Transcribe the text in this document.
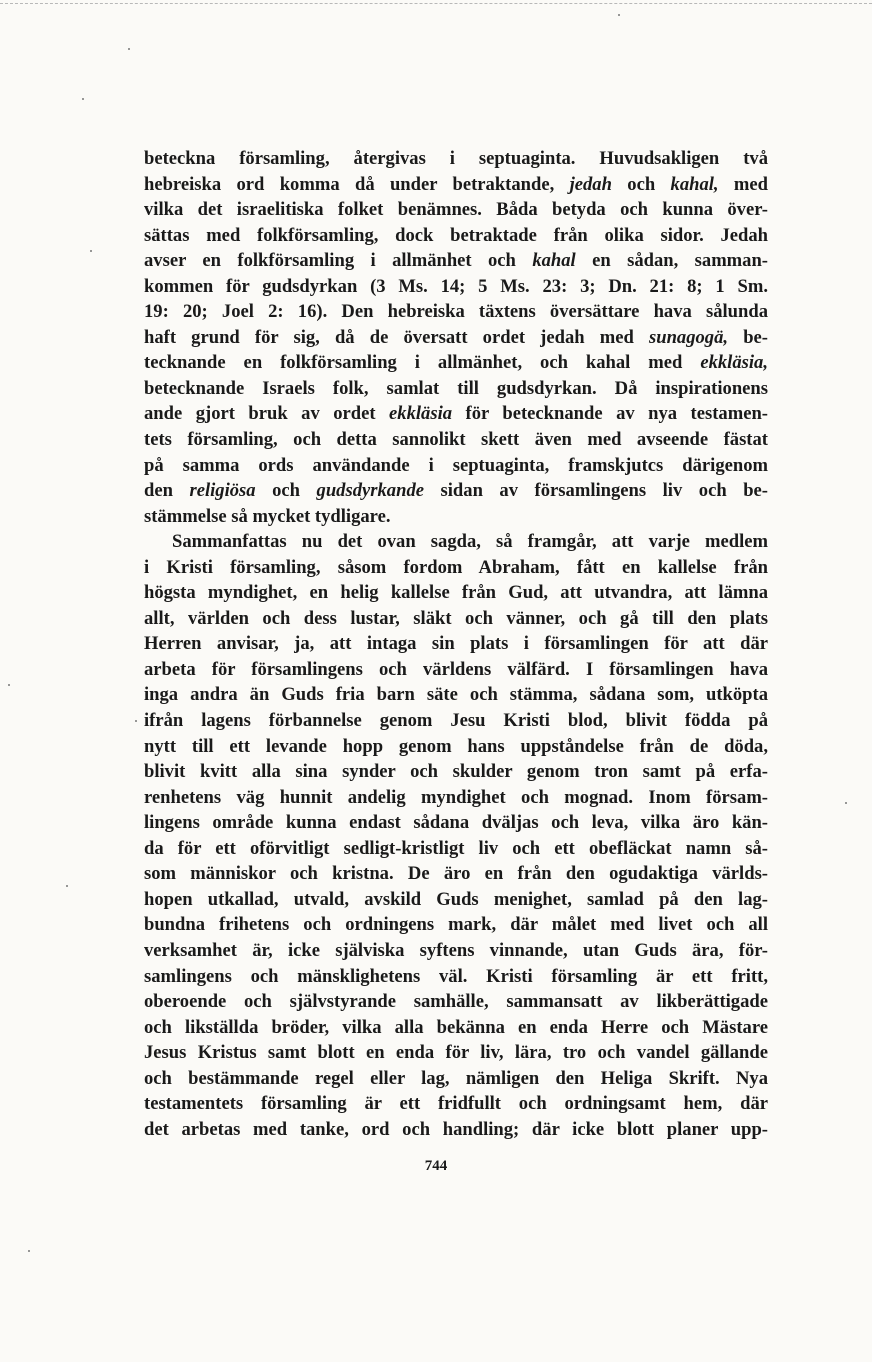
beteckna församling, återgivas i septuaginta. Huvudsakligen två
hebreiska ord komma då under betraktande, jedah och kahal, med
vilka det israelitiska folket benämnes. Båda betyda och kunna över-
sättas med folkförsamling, dock betraktade från olika sidor. Jedah
avser en folkförsamling i allmänhet och kahal en sådan, samman-
kommen för gudsdyrkan (3 Ms. 14; 5 Ms. 23: 3; Dn. 21: 8; 1 Sm.
19: 20; Joel 2: 16). Den hebreiska täxtens översättare hava sålunda
haft grund för sig, då de översatt ordet jedah med sunagogä, be-
tecknande en folkförsamling i allmänhet, och kahal med ekkläsia,
betecknande Israels folk, samlat till gudsdyrkan. Då inspirationens
ande gjort bruk av ordet ekkläsia för betecknande av nya testamen-
tets församling, och detta sannolikt skett även med avseende fästat
på samma ords användande i septuaginta, framskjutcs därigenom
den religiösa och gudsdyrkande sidan av församlingens liv och be-
stämmelse så mycket tydligare.
Sammanfattas nu det ovan sagda, så framgår, att varje medlem
i Kristi församling, såsom fordom Abraham, fått en kallelse från
högsta myndighet, en helig kallelse från Gud, att utvandra, att lämna
allt, världen och dess lustar, släkt och vänner, och gå till den plats
Herren anvisar, ja, att intaga sin plats i församlingen för att där
arbeta för församlingens och världens välfärd. I församlingen hava
inga andra än Guds fria barn säte och stämma, sådana som, utköpta
ifrån lagens förbannelse genom Jesu Kristi blod, blivit födda på
nytt till ett levande hopp genom hans uppståndelse från de döda,
blivit kvitt alla sina synder och skulder genom tron samt på erfa-
renhetens väg hunnit andelig myndighet och mognad. Inom försam-
lingens område kunna endast sådana dväljas och leva, vilka äro kän-
da för ett oförvitligt sedligt-kristligt liv och ett obefläckat namn så-
som människor och kristna. De äro en från den ogudaktiga världs-
hopen utkallad, utvald, avskild Guds menighet, samlad på den lag-
bundna frihetens och ordningens mark, där målet med livet och all
verksamhet är, icke själviska syftens vinnande, utan Guds ära, för-
samlingens och mänsklighetens väl. Kristi församling är ett fritt,
oberoende och självstyrande samhälle, sammansatt av likberättigade
och likställda bröder, vilka alla bekänna en enda Herre och Mästare
Jesus Kristus samt blott en enda för liv, lära, tro och vandel gällande
och bestämmande regel eller lag, nämligen den Heliga Skrift. Nya
testamentets församling är ett fridfullt och ordningsamt hem, där
det arbetas med tanke, ord och handling; där icke blott planer upp-
744
